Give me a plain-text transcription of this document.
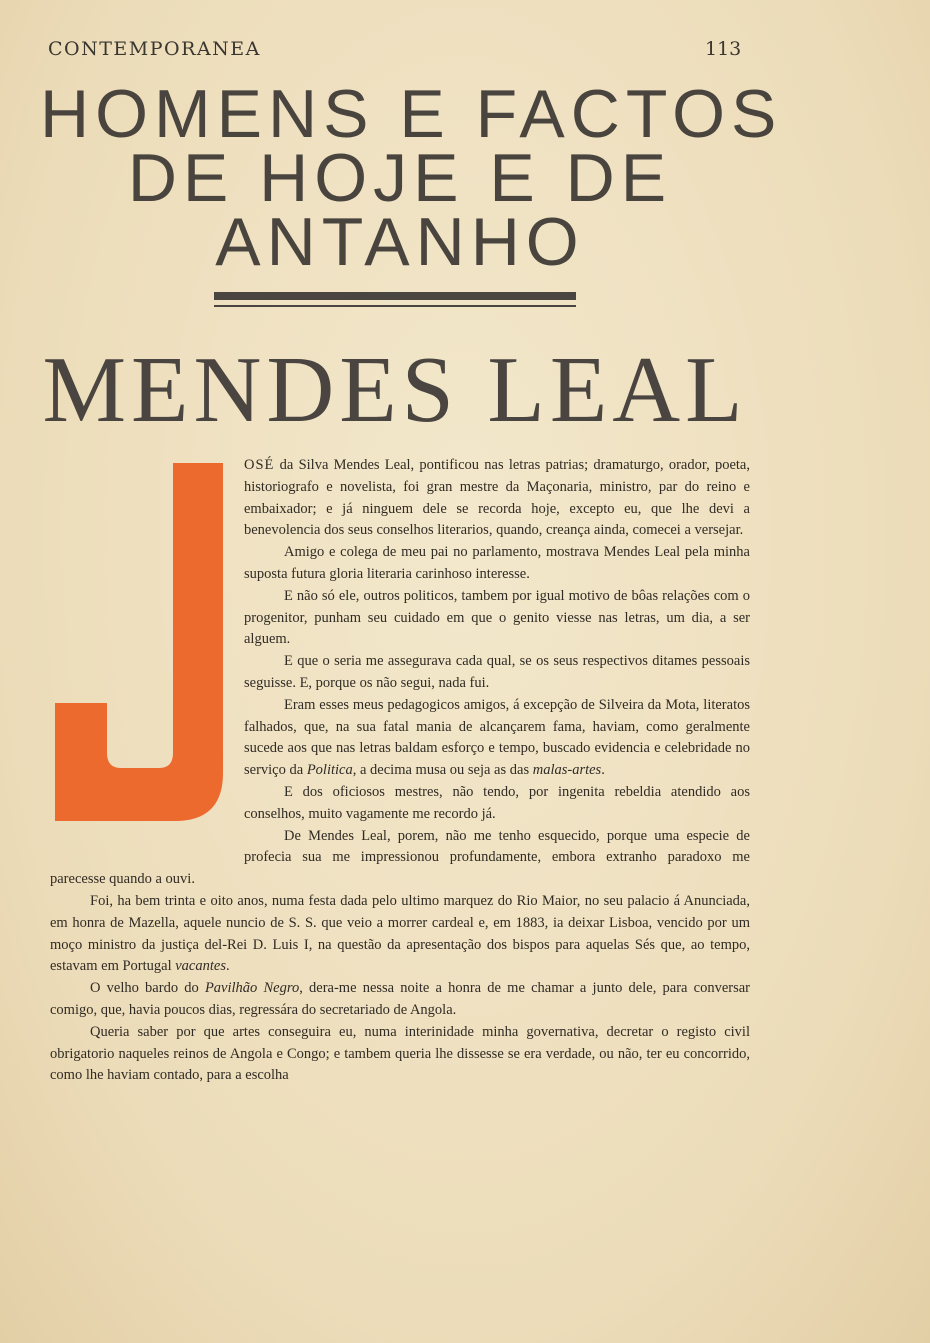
CONTEMPORANEA	113
HOMENS E FACTOS
DE HOJE E DE
ANTANHO
MENDES LEAL

OSÉ da Silva Mendes Leal, pontificou nas letras patrias; dramaturgo, orador, poeta, historiografo e novelista, foi gran mestre da Maçonaria, ministro, par do reino e embaixador; e já ninguem dele se recorda hoje, excepto eu, que lhe devi a benevolencia dos seus conselhos literarios, quando, creança ainda, comecei a versejar.

Amigo e colega de meu pai no parlamento, mostrava Mendes Leal pela minha suposta futura gloria literaria carinhoso interesse.

E não só ele, outros politicos, tambem por igual motivo de bôas relações com o progenitor, punham seu cuidado em que o genito viesse nas letras, um dia, a ser alguem.

E que o seria me assegurava cada qual, se os seus respectivos ditames pessoais seguisse. E, porque os não segui, nada fui.

Eram esses meus pedagogicos amigos, á excepção de Silveira da Mota, literatos falhados, que, na sua fatal mania de alcançarem fama, haviam, como geralmente sucede aos que nas letras baldam esforço e tempo, buscado evidencia e celebridade no serviço da Politica, a decima musa ou seja as das malas-artes.

E dos oficiosos mestres, não tendo, por ingenita rebeldia atendido aos conselhos, muito vagamente me recordo já.

De Mendes Leal, porem, não me tenho esquecido, porque uma especie de profecia sua me impressionou profundamente, embora extranho paradoxo me parecesse quando a ouvi.

Foi, ha bem trinta e oito anos, numa festa dada pelo ultimo marquez do Rio Maior, no seu palacio á Anunciada, em honra de Mazella, aquele nuncio de S. S. que veio a morrer cardeal e, em 1883, ia deixar Lisboa, vencido por um moço ministro da justiça del-Rei D. Luis I, na questão da apresentação dos bispos para aquelas Sés que, ao tempo, estavam em Portugal vacantes.

O velho bardo do Pavilhão Negro, dera-me nessa noite a honra de me chamar a junto dele, para conversar comigo, que, havia poucos dias, regressára do secretariado de Angola.

Queria saber por que artes conseguira eu, numa interinidade minha governativa, decretar o registo civil obrigatorio naqueles reinos de Angola e Congo; e tambem queria lhe dissesse se era verdade, ou não, ter eu concorrido, como lhe haviam contado, para a escolha
